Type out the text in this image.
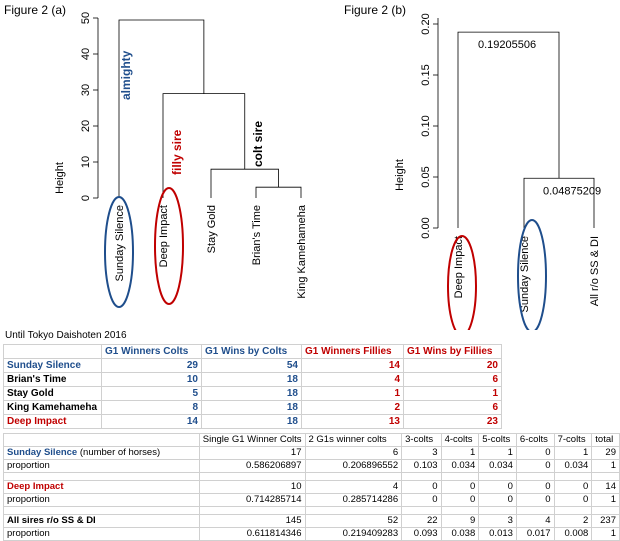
Figure 2 (a)
Height
0
10
20
30
40
50
Sunday Silence	Deep Impact	Stay Gold	Brian's Time	King Kamehameha
almighty
filly sire	colt sire
Figure 2 (b)
Height
0.00
0.05
0.10
0.15
0.20
Deep Impact	Sunday Silence	All r/o SS & DI
0.04875209
0.19205506
Until Tokyo Daishoten 2016
	G1 Winners Colts	G1 Wins by Colts	G1 Winners Fillies	G1 Wins by Fillies
Sunday Silence	29	54	14	20
Brian's Time	10	18	4	6
Stay Gold	5	18	1	1
King Kamehameha	8	18	2	6
Deep Impact	14	18	13	23
	Single G1 Winner Colts	2 G1s winner colts	3-colts	4-colts	5-colts	6-colts	7-colts	total
Sunday Silence (number of horses)	17	6	3	1	1	0	1	29
proportion	0.586206897	0.206896552	0.103	0.034	0.034	0	0.034	1

Deep Impact	10	4	0	0	0	0	0	14
proportion	0.714285714	0.285714286	0	0	0	0	0	1

All sires r/o SS & DI	145	52	22	9	3	4	2	237
proportion	0.611814346	0.219409283	0.093	0.038	0.013	0.017	0.008	1
